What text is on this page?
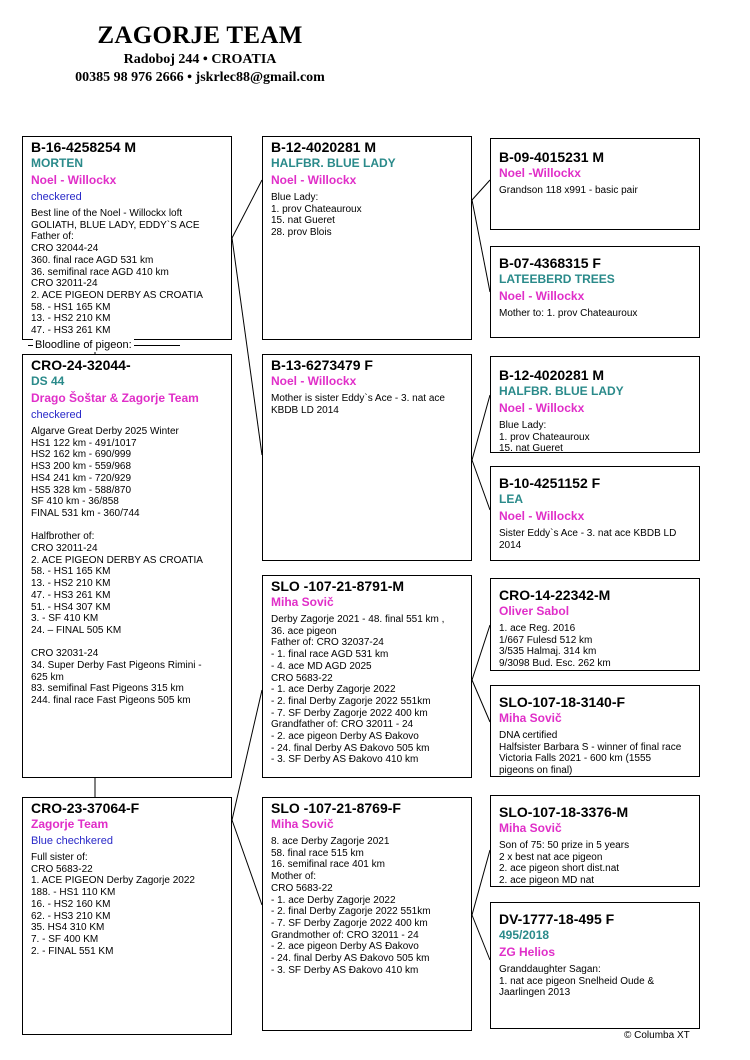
ZAGORJE TEAM
Radoboj 244 • CROATIA
00385 98 976 2666 • jskrlec88@gmail.com
B-16-4258254 M
MORTEN
Noel - Willockx
checkered
Best line of the Noel - Willockx loft
GOLIATH, BLUE LADY, EDDY`S ACE
Father of:
CRO 32044-24
360. final race AGD 531 km
36. semifinal race AGD 410 km
CRO 32011-24
2. ACE PIGEON DERBY AS CROATIA
58. - HS1 165 KM
13. - HS2 210 KM
47. - HS3 261 KM
Bloodline of pigeon:
CRO-24-32044-
DS 44
Drago Šoštar & Zagorje Team
checkered
Algarve Great Derby 2025 Winter
HS1 122 km - 491/1017
HS2 162 km - 690/999
HS3 200 km - 559/968
HS4 241 km - 720/929
HS5 328 km - 588/870
SF 410 km - 36/858
FINAL 531 km - 360/744
Halfbrother of:
CRO 32011-24
2. ACE PIGEON DERBY AS CROATIA
58. - HS1 165 KM
13. - HS2 210 KM
47. - HS3 261 KM
51. - HS4 307 KM
3. - SF 410 KM
24. – FINAL 505 KM
CRO 32031-24
34. Super Derby Fast Pigeons Rimini -
625 km
83. semifinal Fast Pigeons 315 km
244. final race Fast Pigeons 505 km
CRO-23-37064-F
Zagorje Team
Blue chechkered
Full sister of:
CRO 5683-22
1. ACE PIGEON Derby Zagorje 2022
188. - HS1 110 KM
16. - HS2 160 KM
62. - HS3 210 KM
35. HS4 310 KM
7. - SF 400 KM
2. - FINAL 551 KM
B-12-4020281 M
HALFBR. BLUE LADY
Noel - Willockx
Blue Lady:
1. prov Chateauroux
15. nat Gueret
28. prov Blois
B-13-6273479 F
Noel - Willockx
Mother is sister Eddy`s Ace - 3. nat ace
KBDB LD 2014
SLO -107-21-8791-M
Miha Sovič
Derby Zagorje 2021 - 48. final 551 km ,
36. ace pigeon
Father of: CRO 32037-24
- 1. final race AGD 531 km
- 4. ace MD AGD 2025
CRO 5683-22
- 1. ace Derby Zagorje 2022
- 2. final Derby Zagorje 2022 551km
- 7. SF Derby Zagorje 2022 400 km
Grandfather of: CRO 32011 - 24
- 2. ace pigeon Derby AS Đakovo
- 24. final Derby AS Đakovo 505 km
- 3. SF Derby AS Đakovo 410 km
SLO -107-21-8769-F
Miha Sovič
8. ace Derby Zagorje 2021
58. final race 515 km
16. semifinal race 401 km
Mother of:
CRO 5683-22
- 1. ace Derby Zagorje 2022
- 2. final Derby Zagorje 2022 551km
- 7. SF Derby Zagorje 2022 400 km
Grandmother of: CRO 32011 - 24
- 2. ace pigeon Derby AS Đakovo
- 24. final Derby AS Đakovo 505 km
- 3. SF Derby AS Đakovo 410 km
B-09-4015231 M
Noel -Willockx
Grandson 118 x991 - basic pair
B-07-4368315 F
LATEEBERD TREES
Noel - Willockx
Mother to: 1. prov Chateauroux
B-12-4020281 M
HALFBR. BLUE LADY
Noel - Willockx
Blue Lady:
1. prov Chateauroux
15. nat Gueret
B-10-4251152 F
LEA
Noel - Willockx
Sister Eddy`s Ace - 3. nat ace KBDB LD
2014
CRO-14-22342-M
Oliver Sabol
1. ace Reg. 2016
1/667 Fulesd 512 km
3/535 Halmaj. 314 km
9/3098 Bud. Esc. 262 km
SLO-107-18-3140-F
Miha Sovič
DNA certified
Halfsister Barbara S - winner of final race
Victoria Falls 2021 - 600 km (1555
pigeons on final)
SLO-107-18-3376-M
Miha Sovič
Son of 75: 50 prize in 5 years
2 x best nat ace pigeon
2. ace pigeon short dist.nat
2. ace pigeon MD nat
DV-1777-18-495 F
495/2018
ZG Helios
Granddaughter Sagan:
1. nat ace pigeon Snelheid Oude &
Jaarlingen 2013
© Columba XT
